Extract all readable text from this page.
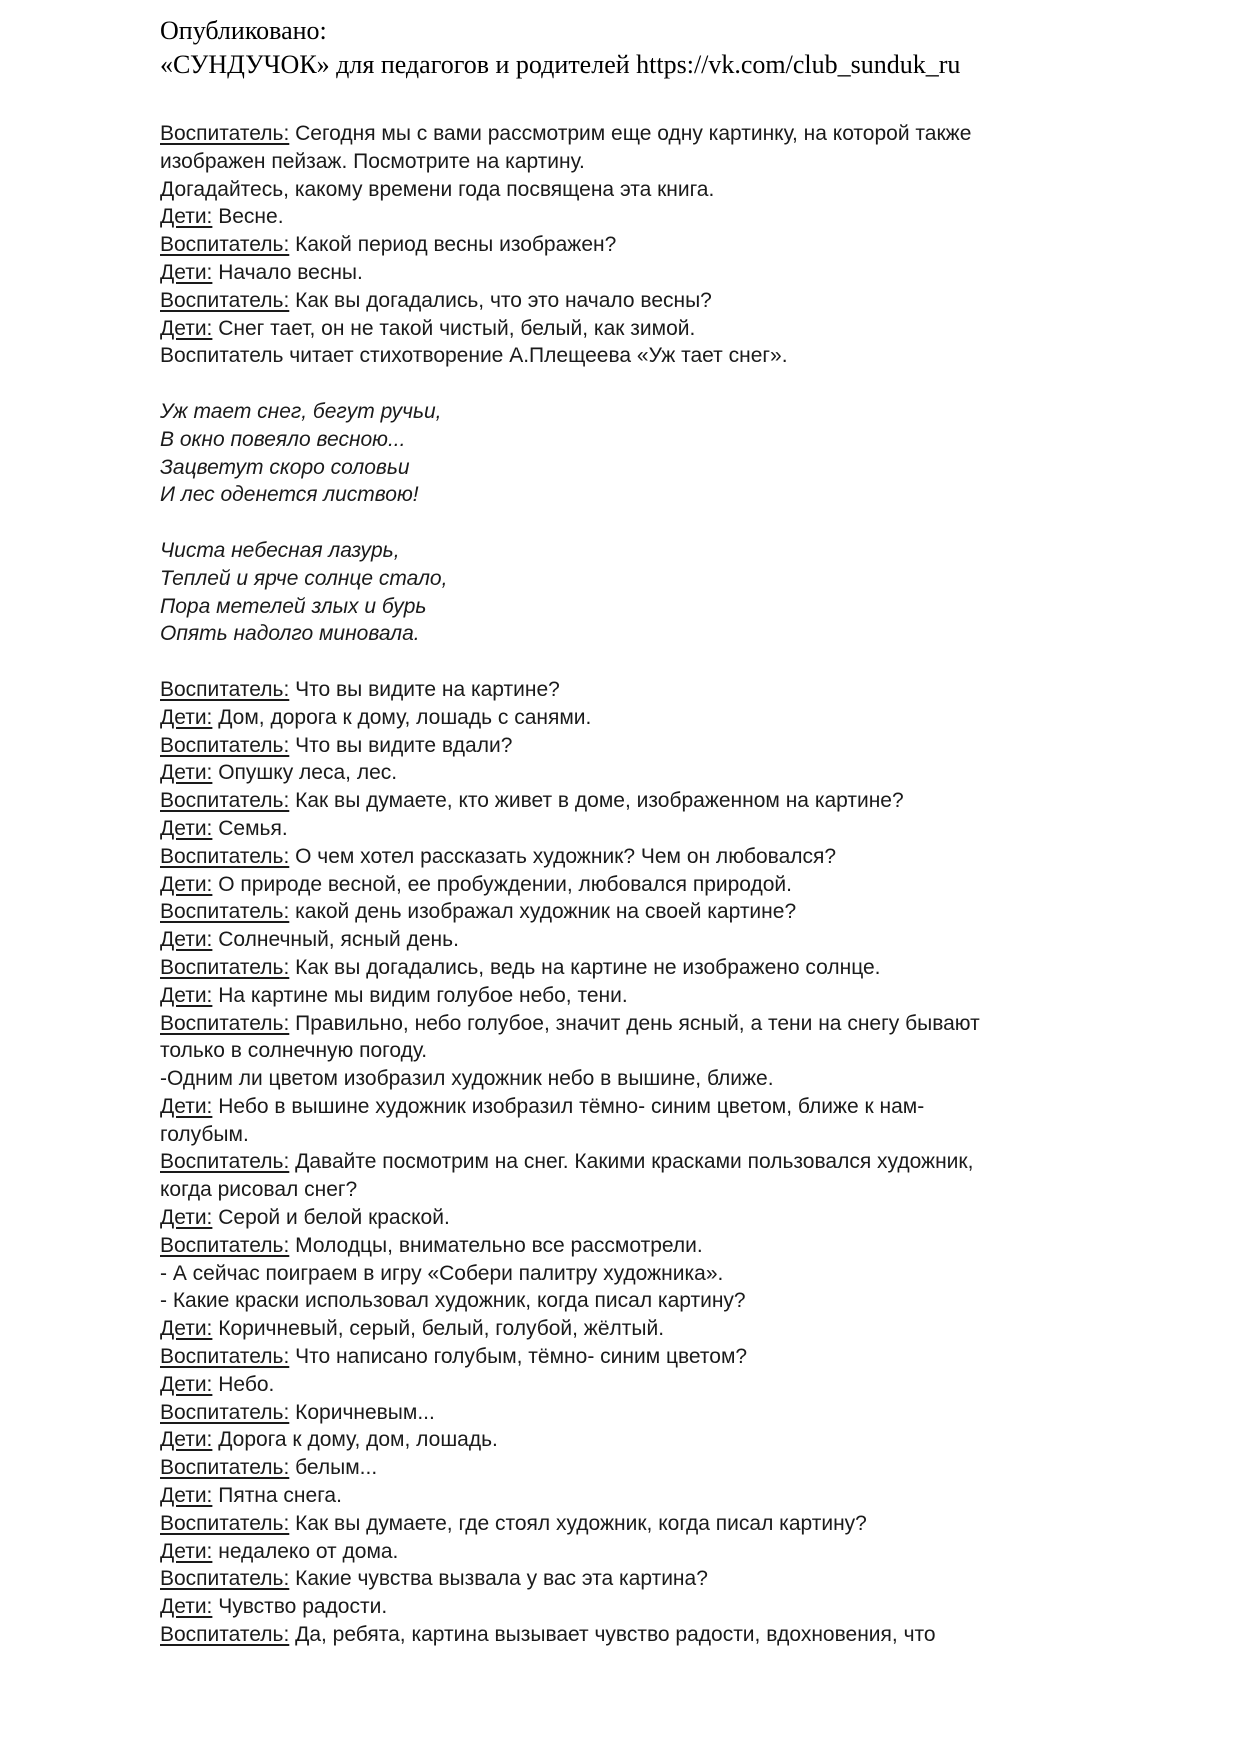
Опубликовано:
«СУНДУЧОК» для педагогов и родителей https://vk.com/club_sunduk_ru
Воспитатель: Сегодня мы с вами рассмотрим еще одну картинку, на которой также
изображен пейзаж. Посмотрите на картину.
Догадайтесь, какому времени года посвящена эта книга.
Дети: Весне.
Воспитатель: Какой период весны изображен?
Дети: Начало весны.
Воспитатель: Как вы догадались, что это начало весны?
Дети: Снег тает, он не такой чистый, белый, как зимой.
Воспитатель читает стихотворение А.Плещеева «Уж тает снег».
Уж тает снег, бегут ручьи,
В окно повеяло весною...
Зацветут скоро соловьи
И лес оденется листвою!
Чиста небесная лазурь,
Теплей и ярче солнце стало,
Пора метелей злых и бурь
Опять надолго миновала.
Воспитатель: Что вы видите на картине?
Дети: Дом, дорога к дому, лошадь с санями.
Воспитатель: Что вы видите вдали?
Дети: Опушку леса, лес.
Воспитатель: Как вы думаете, кто живет в доме, изображенном на картине?
Дети: Семья.
Воспитатель: О чем хотел рассказать художник? Чем он любовался?
Дети: О природе весной, ее пробуждении, любовался природой.
Воспитатель: какой день изображал художник на своей картине?
Дети: Солнечный, ясный день.
Воспитатель: Как вы догадались, ведь на картине не изображено солнце.
Дети: На картине мы видим голубое небо, тени.
Воспитатель: Правильно, небо голубое, значит день ясный, а тени на снегу бывают
только в солнечную погоду.
-Одним ли цветом изобразил художник небо в вышине, ближе.
Дети: Небо в вышине художник изобразил тёмно- синим цветом, ближе к нам-
голубым.
Воспитатель: Давайте посмотрим на снег. Какими красками пользовался художник,
когда рисовал снег?
Дети: Серой и белой краской.
Воспитатель: Молодцы, внимательно все рассмотрели.
- А сейчас поиграем в игру «Собери палитру художника».
- Какие краски использовал художник, когда писал картину?
Дети: Коричневый, серый, белый, голубой, жёлтый.
Воспитатель: Что написано голубым, тёмно- синим цветом?
Дети: Небо.
Воспитатель: Коричневым...
Дети: Дорога к дому, дом, лошадь.
Воспитатель: белым...
Дети: Пятна снега.
Воспитатель: Как вы думаете, где стоял художник, когда писал картину?
Дети: недалеко от дома.
Воспитатель: Какие чувства вызвала у вас эта картина?
Дети: Чувство радости.
Воспитатель: Да, ребята, картина вызывает чувство радости, вдохновения, что
